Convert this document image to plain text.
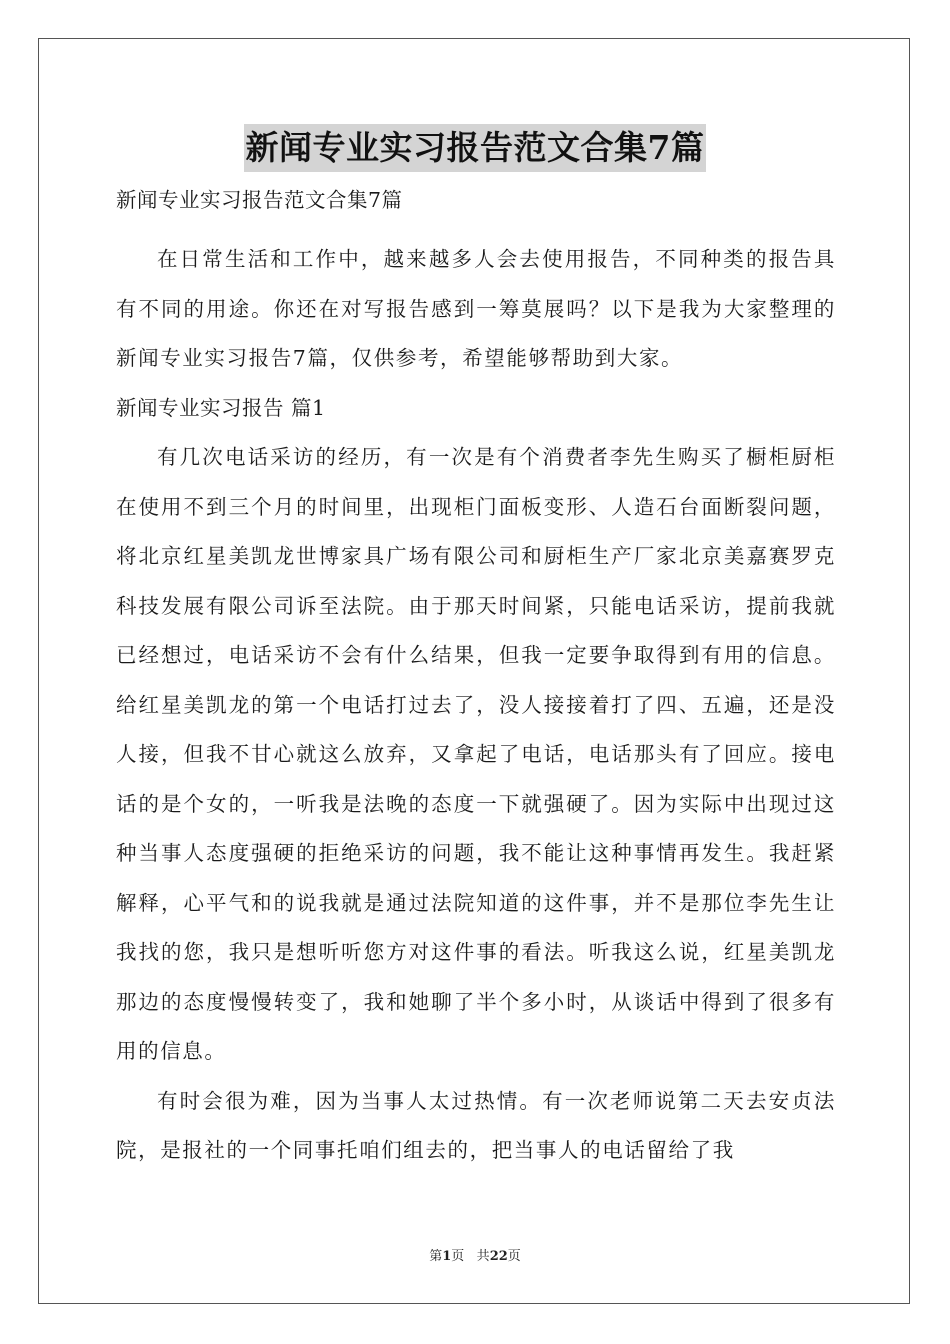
新闻专业实习报告范文合集7篇
新闻专业实习报告范文合集7篇

在日常生活和工作中，越来越多人会去使用报告，不同种类的报告具有不同的用途。你还在对写报告感到一筹莫展吗？以下是我为大家整理的新闻专业实习报告7篇，仅供参考，希望能够帮助到大家。

新闻专业实习报告 篇1

有几次电话采访的经历，有一次是有个消费者李先生购买了橱柜厨柜在使用不到三个月的时间里，出现柜门面板变形、人造石台面断裂问题，将北京红星美凯龙世博家具广场有限公司和厨柜生产厂家北京美嘉赛罗克科技发展有限公司诉至法院。由于那天时间紧，只能电话采访，提前我就已经想过，电话采访不会有什么结果，但我一定要争取得到有用的信息。给红星美凯龙的第一个电话打过去了，没人接接着打了四、五遍，还是没人接，但我不甘心就这么放弃，又拿起了电话，电话那头有了回应。接电话的是个女的，一听我是法晚的态度一下就强硬了。因为实际中出现过这种当事人态度强硬的拒绝采访的问题，我不能让这种事情再发生。我赶紧解释，心平气和的说我就是通过法院知道的这件事，并不是那位李先生让我找的您，我只是想听听您方对这件事的看法。听我这么说，红星美凯龙那边的态度慢慢转变了，我和她聊了半个多小时，从谈话中得到了很多有用的信息。

有时会很为难，因为当事人太过热情。有一次老师说第二天去安贞法院，是报社的一个同事托咱们组去的，把当事人的电话留给了我

第1页 共22页
